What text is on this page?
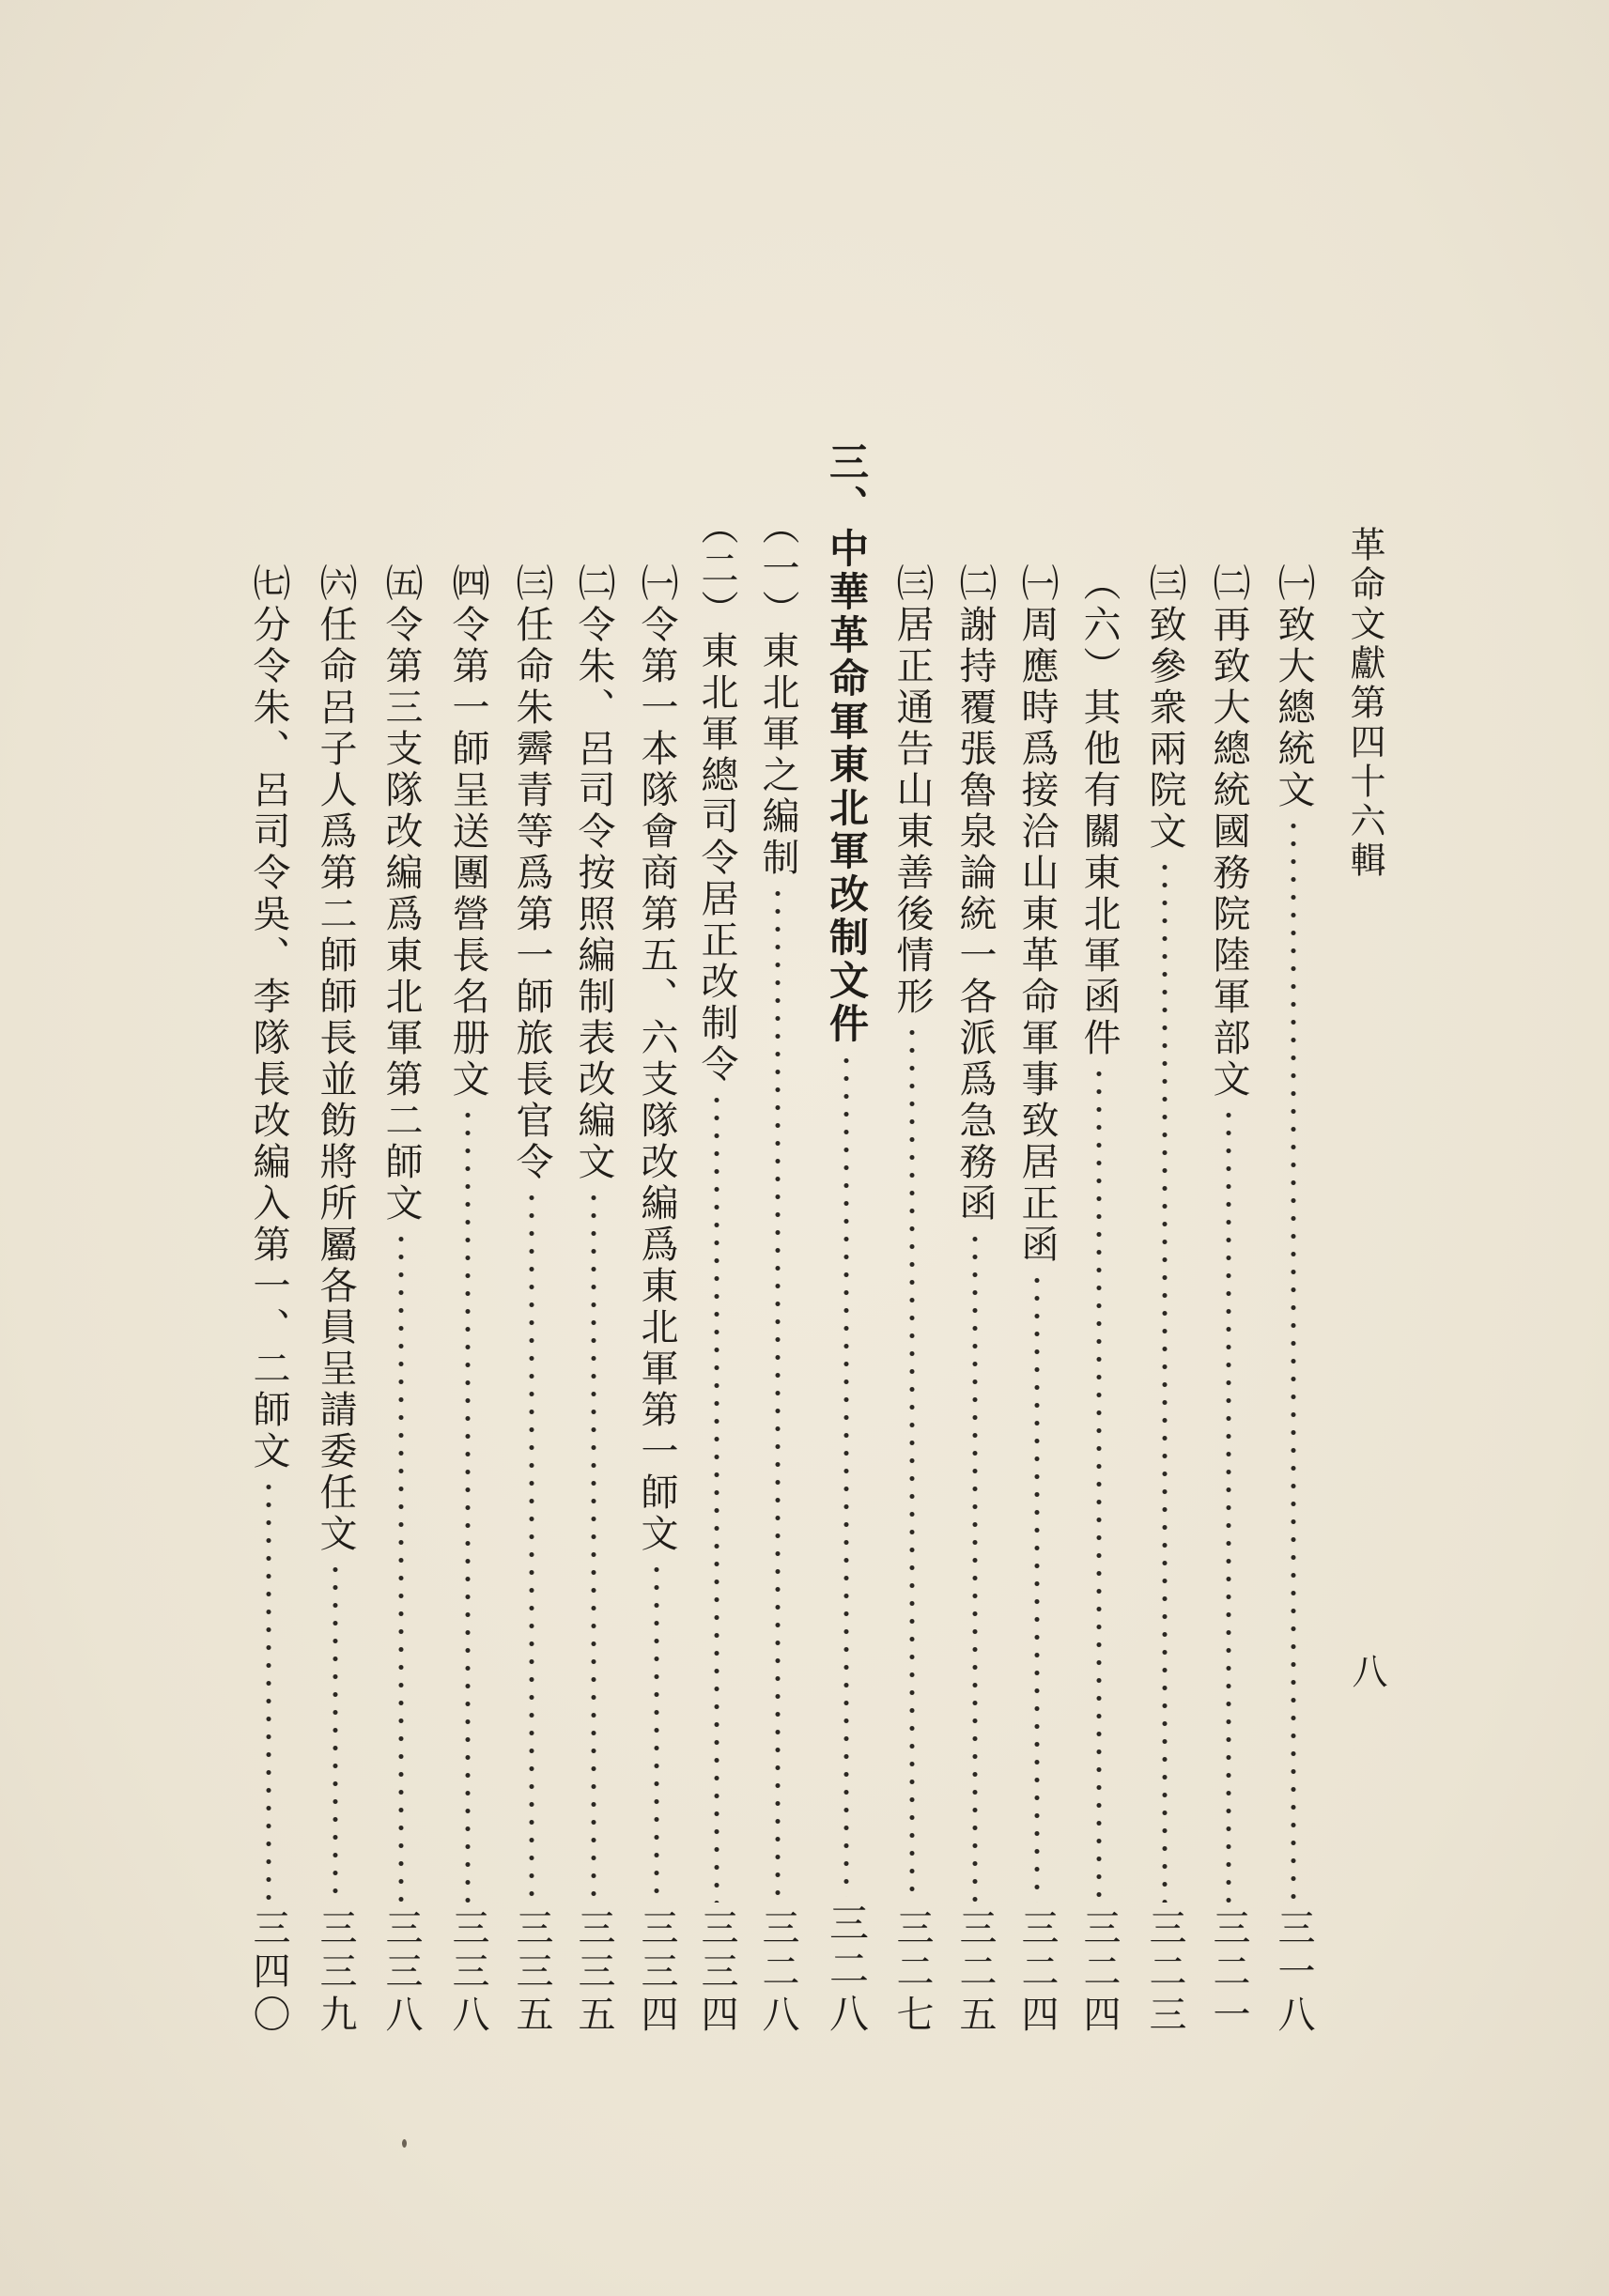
革命文獻第四十六輯
八
㈠致大總統文
三一八
㈡再致大總統國務院陸軍部文
三二一
㈢致參衆兩院文
三二三
（六）其他有關東北軍函件
三二四
㈠周應時爲接洽山東革命軍事致居正函
三二四
㈡謝持覆張魯泉論統一各派爲急務函
三二五
㈢居正通告山東善後情形
三二七
三、中華革命軍東北軍改制文件
三二八
（一）東北軍之編制
三二八
（二）東北軍總司令居正改制令
三三四
㈠令第一本隊會商第五、六支隊改編爲東北軍第一師文
三三四
㈡令朱、呂司令按照編制表改編文
三三五
㈢任命朱霽青等爲第一師旅長官令
三三五
㈣令第一師呈送團營長名册文
三三八
㈤令第三支隊改編爲東北軍第二師文
三三八
㈥任命呂子人爲第二師師長並飭將所屬各員呈請委任文
三三九
㈦分令朱、呂司令吳、李隊長改編入第一、二師文
三四〇
